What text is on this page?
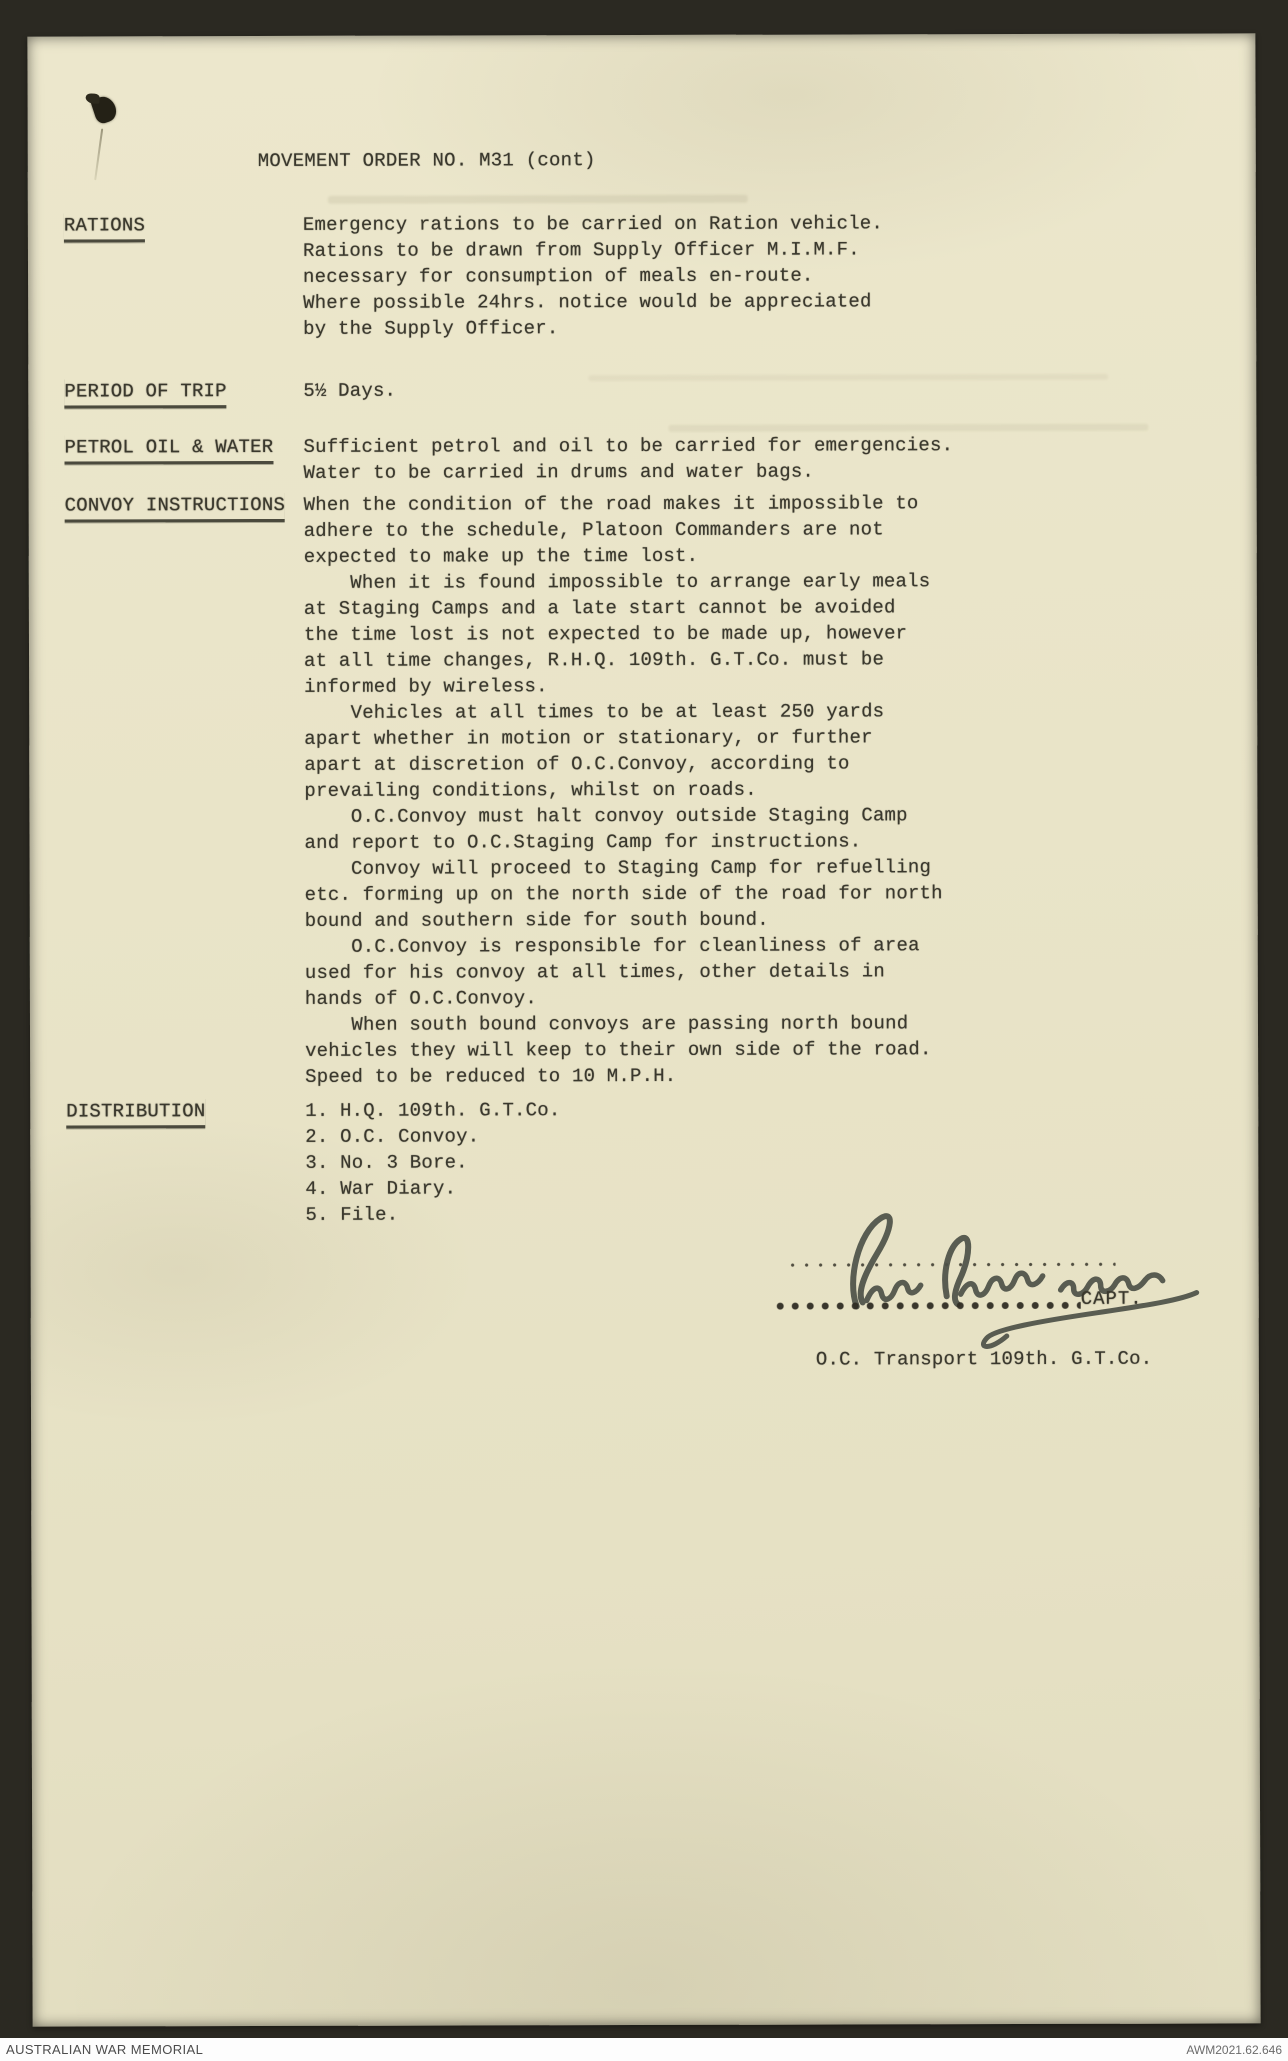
MOVEMENT ORDER NO. M31 (cont)
RATIONS	Emergency rations to be carried on Ration vehicle.
Rations to be drawn from Supply Officer M.I.M.F.
necessary for consumption of meals en-route.
Where possible 24hrs. notice would be appreciated
by the Supply Officer.
PERIOD OF TRIP	5½ Days.
PETROL OIL & WATER	Sufficient petrol and oil to be carried for emergencies.
Water to be carried in drums and water bags.
CONVOY INSTRUCTIONS When the condition of the road makes it impossible to
adhere to the schedule, Platoon Commanders are not
expected to make up the time lost.
When it is found impossible to arrange early meals
at Staging Camps and a late start cannot be avoided
the time lost is not expected to be made up, however
at all time changes, R.H.Q. 109th. G.T.Co. must be
informed by wireless.
Vehicles at all times to be at least 250 yards
apart whether in motion or stationary, or further
apart at discretion of O.C.Convoy, according to
prevailing conditions, whilst on roads.
O.C.Convoy must halt convoy outside Staging Camp
and report to O.C.Staging Camp for instructions.
Convoy will proceed to Staging Camp for refuelling
etc. forming up on the north side of the road for north
bound and southern side for south bound.
O.C.Convoy is responsible for cleanliness of area
used for his convoy at all times, other details in
hands of O.C.Convoy.
When south bound convoys are passing north bound
vehicles they will keep to their own side of the road.
Speed to be reduced to 10 M.P.H.
DISTRIBUTION	1. H.Q. 109th. G.T.Co.
2. O.C. Convoy.
3. No. 3 Bore.
4. War Diary.
5. File.
CAPT.
O.C. Transport 109th. G.T.Co.
AUSTRALIAN WAR MEMORIAL	AWM2021.62.646
